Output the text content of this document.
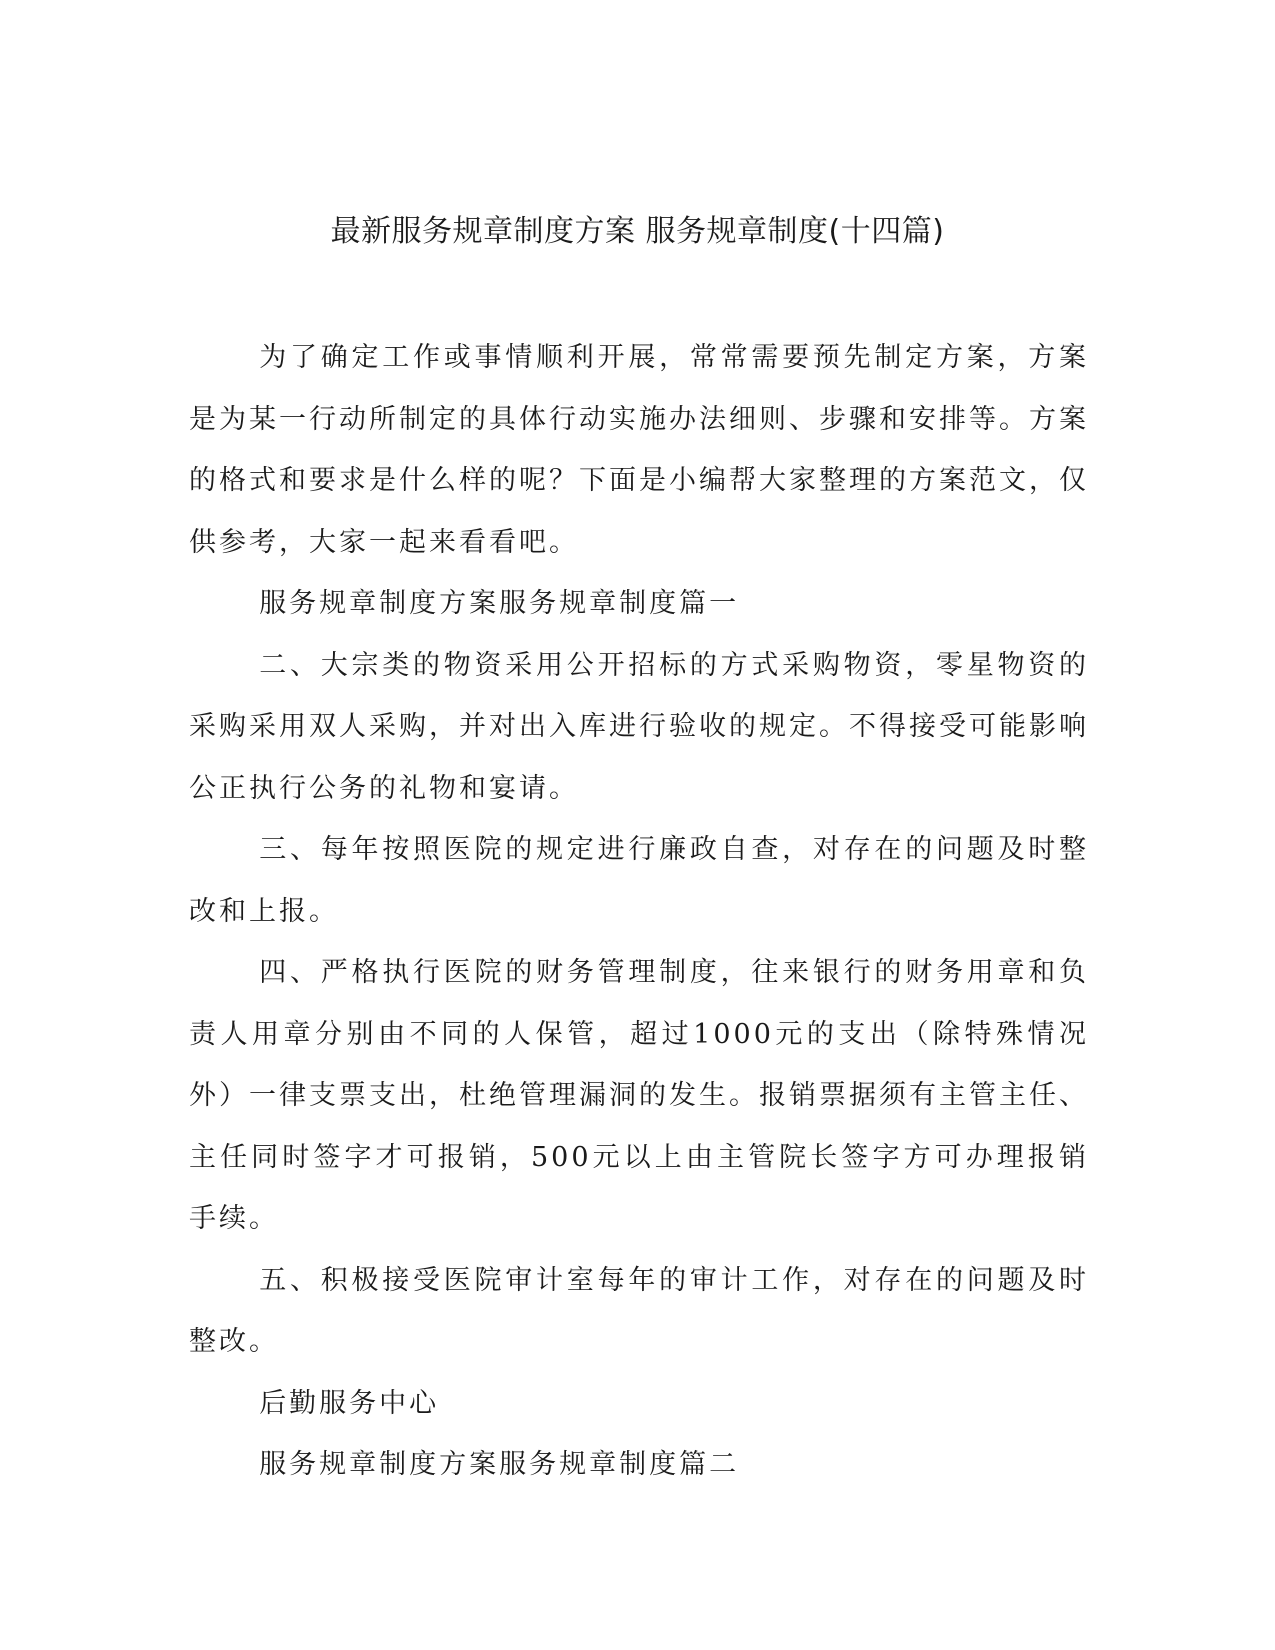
最新服务规章制度方案 服务规章制度(十四篇)

为了确定工作或事情顺利开展，常常需要预先制定方案，方案是为某一行动所制定的具体行动实施办法细则、步骤和安排等。方案的格式和要求是什么样的呢？下面是小编帮大家整理的方案范文，仅供参考，大家一起来看看吧。

服务规章制度方案服务规章制度篇一

二、大宗类的物资采用公开招标的方式采购物资，零星物资的采购采用双人采购，并对出入库进行验收的规定。不得接受可能影响公正执行公务的礼物和宴请。

三、每年按照医院的规定进行廉政自查，对存在的问题及时整改和上报。

四、严格执行医院的财务管理制度，往来银行的财务用章和负责人用章分别由不同的人保管，超过1000元的支出（除特殊情况外）一律支票支出，杜绝管理漏洞的发生。报销票据须有主管主任、主任同时签字才可报销，500元以上由主管院长签字方可办理报销手续。

五、积极接受医院审计室每年的审计工作，对存在的问题及时整改。

后勤服务中心

服务规章制度方案服务规章制度篇二
